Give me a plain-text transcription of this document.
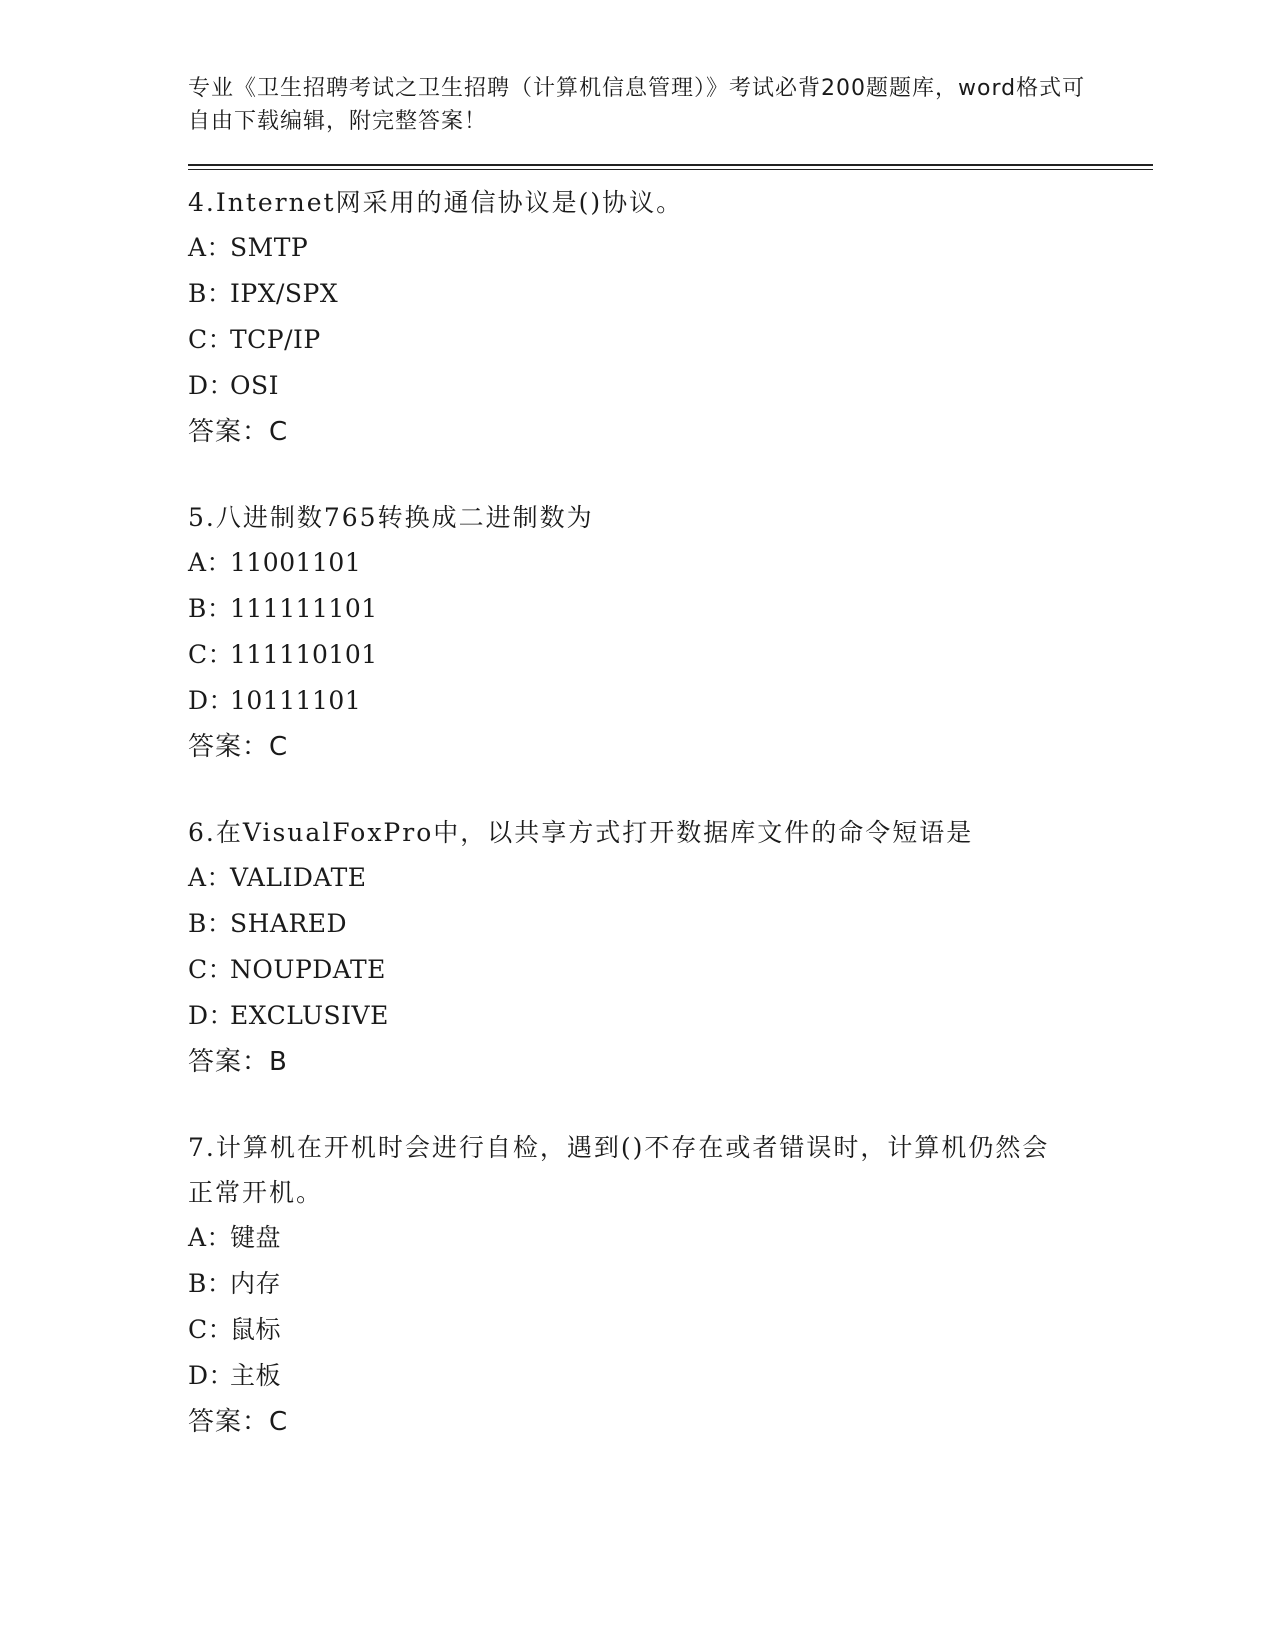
专业《卫生招聘考试之卫生招聘（计算机信息管理）》考试必背200题题库，word格式可自由下载编辑，附完整答案！
4.Internet网采用的通信协议是()协议。
A：SMTP
B：IPX/SPX
C：TCP/IP
D：OSI
答案：C
5.八进制数765转换成二进制数为
A：11001101
B：111111101
C：111110101
D：10111101
答案：C
6.在VisualFoxPro中，以共享方式打开数据库文件的命令短语是
A：VALIDATE
B：SHARED
C：NOUPDATE
D：EXCLUSIVE
答案：B
7.计算机在开机时会进行自检，遇到()不存在或者错误时，计算机仍然会正常开机。
A：键盘
B：内存
C：鼠标
D：主板
答案：C
